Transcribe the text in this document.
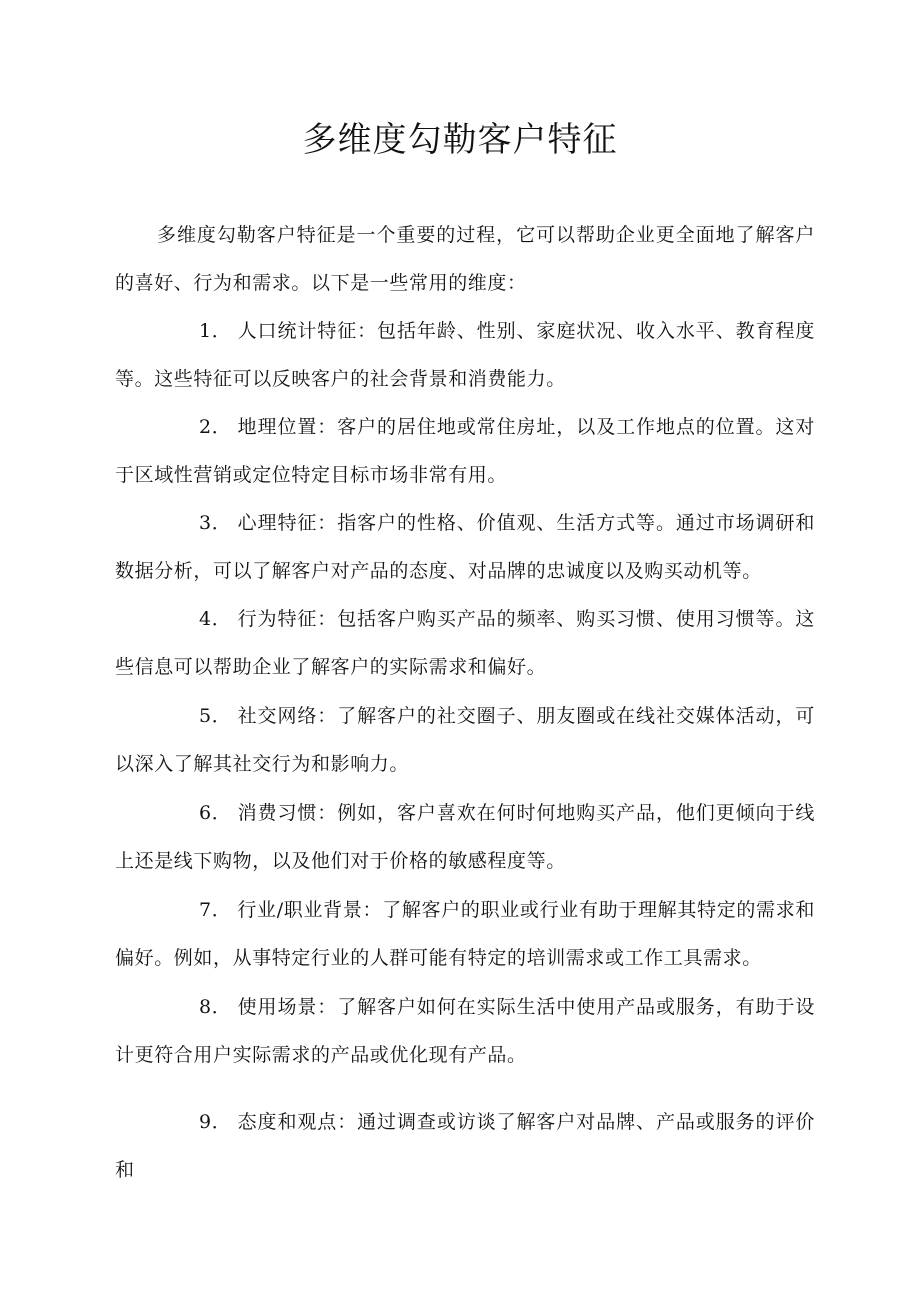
多维度勾勒客户特征

多维度勾勒客户特征是一个重要的过程，它可以帮助企业更全面地了解客户的喜好、行为和需求。以下是一些常用的维度：

1． 人口统计特征：包括年龄、性别、家庭状况、收入水平、教育程度等。这些特征可以反映客户的社会背景和消费能力。

2． 地理位置：客户的居住地或常住房址，以及工作地点的位置。这对于区域性营销或定位特定目标市场非常有用。

3． 心理特征：指客户的性格、价值观、生活方式等。通过市场调研和数据分析，可以了解客户对产品的态度、对品牌的忠诚度以及购买动机等。

4． 行为特征：包括客户购买产品的频率、购买习惯、使用习惯等。这些信息可以帮助企业了解客户的实际需求和偏好。

5． 社交网络：了解客户的社交圈子、朋友圈或在线社交媒体活动，可以深入了解其社交行为和影响力。

6． 消费习惯：例如，客户喜欢在何时何地购买产品，他们更倾向于线上还是线下购物，以及他们对于价格的敏感程度等。

7． 行业/职业背景：了解客户的职业或行业有助于理解其特定的需求和偏好。例如，从事特定行业的人群可能有特定的培训需求或工作工具需求。

8． 使用场景：了解客户如何在实际生活中使用产品或服务，有助于设计更符合用户实际需求的产品或优化现有产品。

9． 态度和观点：通过调查或访谈了解客户对品牌、产品或服务的评价和
